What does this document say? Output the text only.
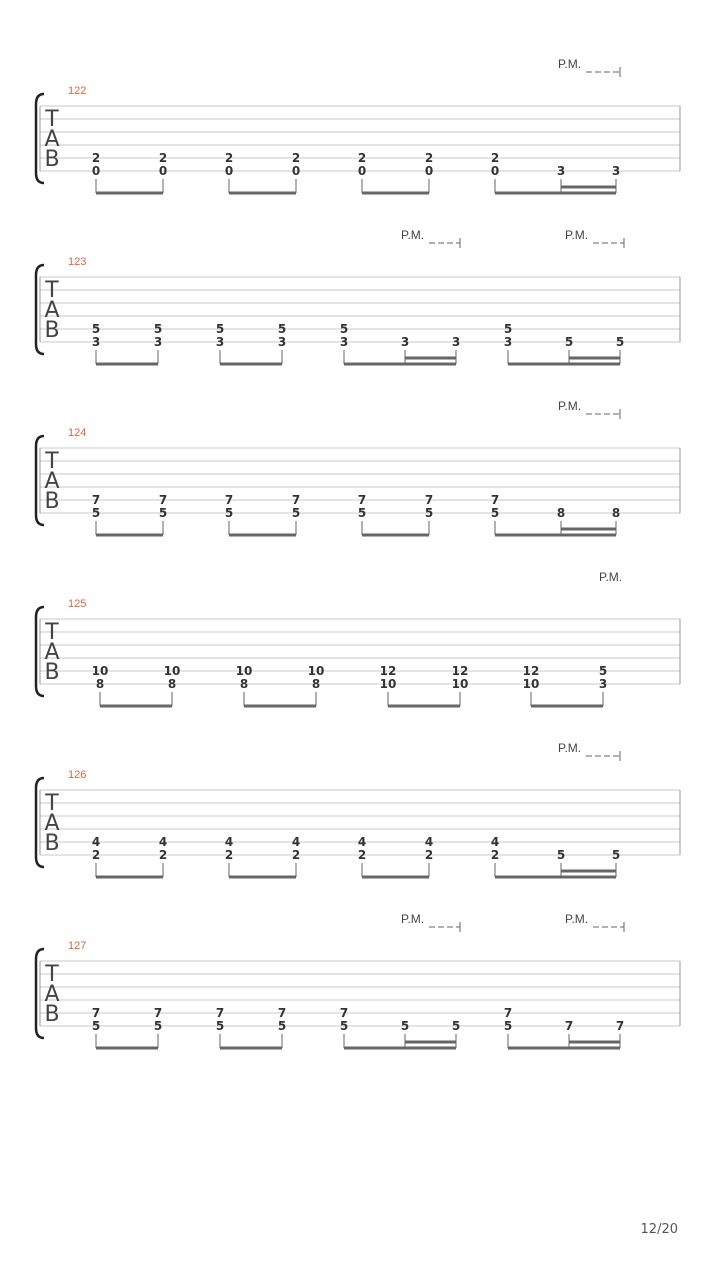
T
A
B
122
P.M.
2
0
2
0
2
0
2
0
2
0
2
0
2
0	3	3
T
A
B
123
P.M.	P.M.
5
3
5
3
5
3
5
3
5
3	3	3
5
3	5	5
T
A
B
124
P.M.
7
5
7
5
7
5
7
5
7
5
7
5
7
5	8	8
T
A
B
125
P.M.
10
8
10
8
10
8
10
8
12
10
12
10
12
10
5
3
T
A
B
126
P.M.
4
2
4
2
4
2
4
2
4
2
4
2
4
2	5	5
T
A
B
127
P.M.	P.M.
7
5
7
5
7
5
7
5
7
5	5	5
7
5	7	7
12/20
